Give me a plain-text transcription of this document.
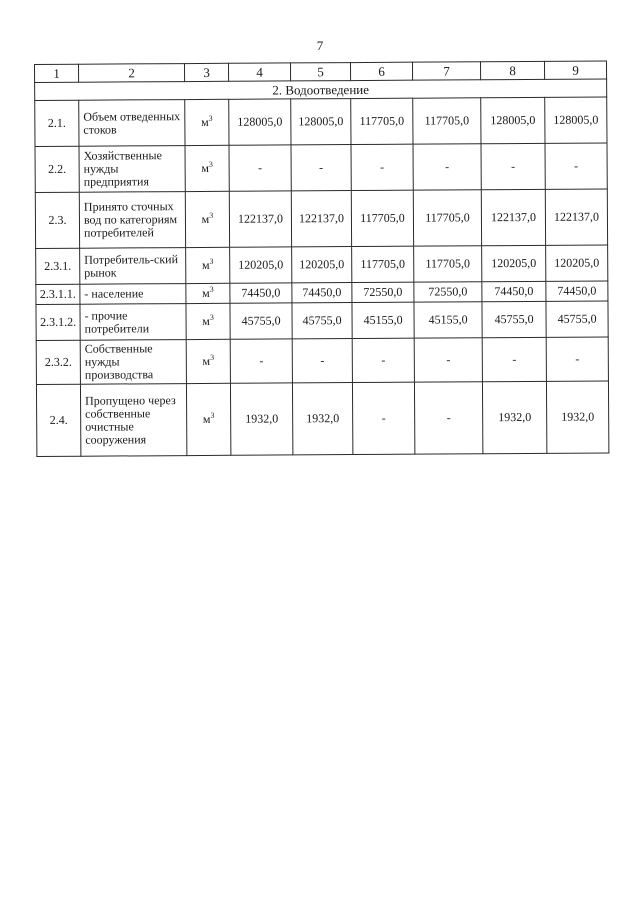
7
1	2	3	4	5	6	7	8	9
2. Водоотведение								
2.1.	Объем отведенных стоков	$м^3$	128005,0	128005,0	117705,0	117705,0	128005,0	128005,0
2.2.	Хозяйственные нужды предприятия	$м^3$	-	-	-	-	-	-
2.3.	Принято сточных вод по категориям потребителей	$м^3$	122137,0	122137,0	117705,0	117705,0	122137,0	122137,0
2.3.1.	Потребитель-ский рынок	$м^3$	120205,0	120205,0	117705,0	117705,0	120205,0	120205,0
2.3.1.1.	- население	$м^3$	74450,0	74450,0	72550,0	72550,0	74450,0	74450,0
2.3.1.2.	- прочие потребители	$м^3$	45755,0	45755,0	45155,0	45155,0	45755,0	45755,0
2.3.2.	Собственные нужды производства	$м^3$	-	-	-	-	-	-
2.4.	Пропущено через собственные очистные сооружения	$м^3$	1932,0	1932,0	-	-	1932,0	1932,0
